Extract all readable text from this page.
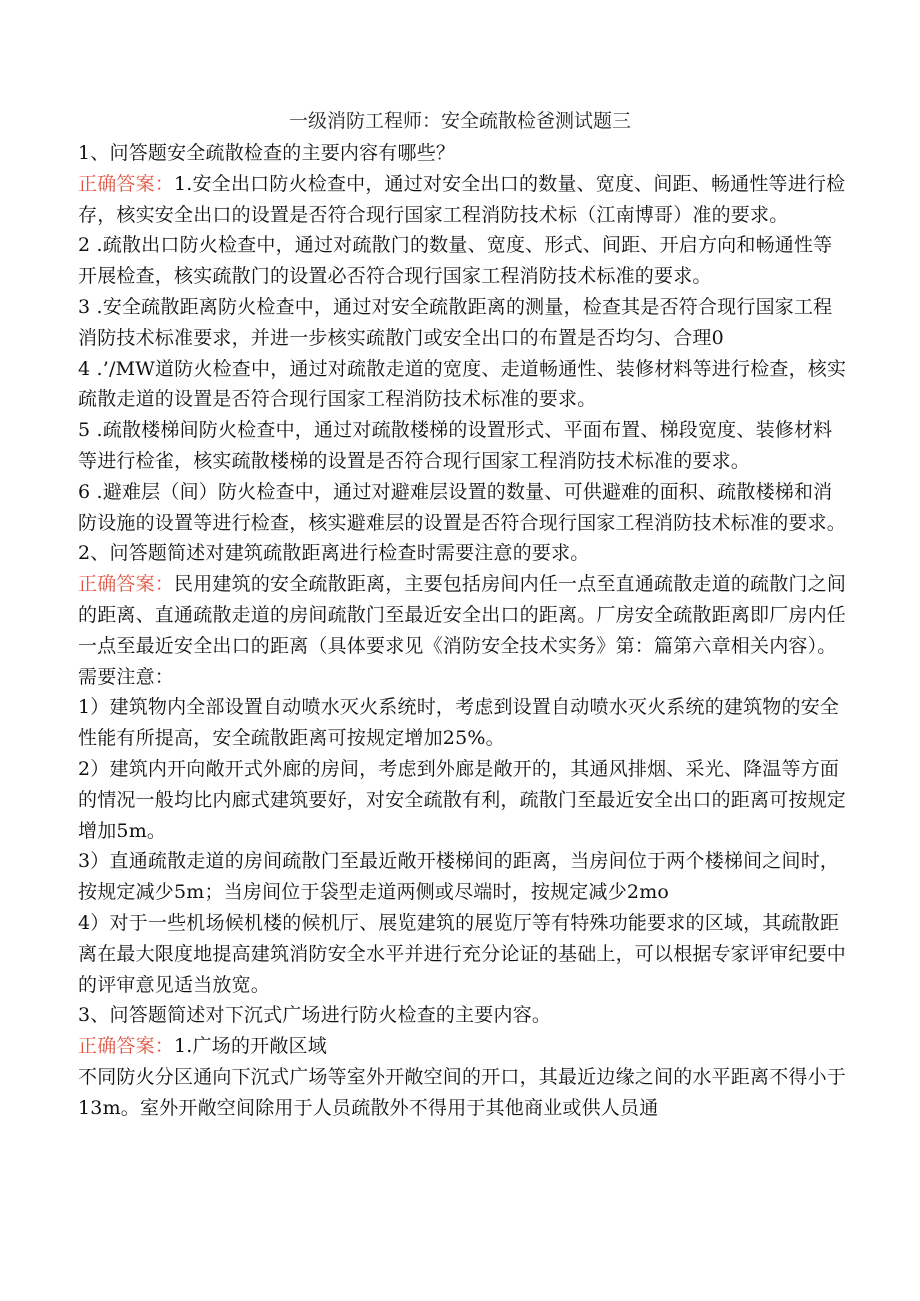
一级消防工程师：安全疏散检爸测试题三

1、问答题安全疏散检查的主要内容有哪些？

正确答案：1.安全出口防火检查中，通过对安全出口的数量、宽度、间距、畅通性等进行检存，核实安全出口的设置是否符合现行国家工程消防技术标（江南博哥）准的要求。

2 .疏散出口防火检查中，通过对疏散门的数量、宽度、形式、间距、开启方向和畅通性等开展检查，核实疏散门的设置必否符合现行国家工程消防技术标准的要求。

3 .安全疏散距离防火检查中，通过对安全疏散距离的测量，检查其是否符合现行国家工程消防技术标准要求，并进一步核实疏散门或安全出口的布置是否均匀、合理0

4 .’/MW道防火检查中，通过对疏散走道的宽度、走道畅通性、装修材料等进行检查，核实疏散走道的设置是否符合现行国家工程消防技术标准的要求。

5 .疏散楼梯间防火检查中，通过对疏散楼梯的设置形式、平面布置、梯段宽度、装修材料等进行检雀，核实疏散楼梯的设置是否符合现行国家工程消防技术标准的要求。

6 .避难层（间）防火检查中，通过对避难层设置的数量、可供避难的面积、疏散楼梯和消防设施的设置等进行检查，核实避难层的设置是否符合现行国家工程消防技术标准的要求。

2、问答题简述对建筑疏散距离进行检查时需要注意的要求。

正确答案：民用建筑的安全疏散距离，主要包括房间内任一点至直通疏散走道的疏散门之间的距离、直通疏散走道的房间疏散门至最近安全出口的距离。厂房安全疏散距离即厂房内任一点至最近安全出口的距离（具体要求见《消防安全技术实务》第：篇第六章相关内容）。需要注意：

1）建筑物内全部设置自动喷水灭火系统时，考虑到设置自动喷水灭火系统的建筑物的安全性能有所提高，安全疏散距离可按规定增加25%。

2）建筑内开向敞开式外廊的房间，考虑到外廊是敞开的，其通风排烟、采光、降温等方面的情况一般均比内廊式建筑要好，对安全疏散有利，疏散门至最近安全出口的距离可按规定增加5m。

3）直通疏散走道的房间疏散门至最近敞开楼梯间的距离，当房间位于两个楼梯间之间时，按规定减少5m；当房间位于袋型走道两侧或尽端时，按规定减少2mo

4）对于一些机场候机楼的候机厅、展览建筑的展览厅等有特殊功能要求的区域，其疏散距离在最大限度地提高建筑消防安全水平并进行充分论证的基础上，可以根据专家评审纪要中的评审意见适当放宽。

3、问答题简述对下沉式广场进行防火检查的主要内容。

正确答案：1.广场的开敞区域

不同防火分区通向下沉式广场等室外开敞空间的开口，其最近边缘之间的水平距离不得小于13m。室外开敞空间除用于人员疏散外不得用于其他商业或供人员通
